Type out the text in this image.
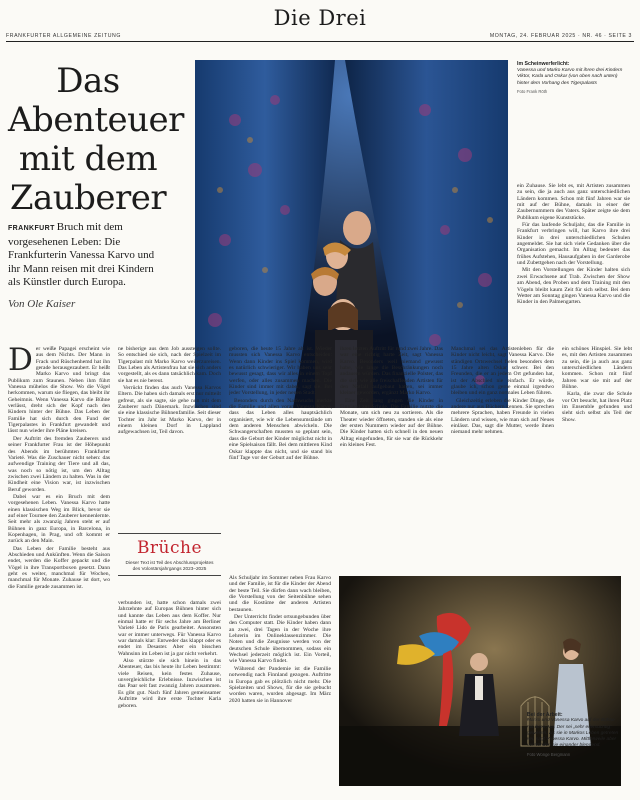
Die Drei
FRANKFURTER ALLGEMEINE ZEITUNG	MONTAG, 24. FEBRUAR 2025 · NR. 46 · SEITE 3
Das Abenteuer mit dem Zauberer
FRANKFURT Bruch mit dem vorgesehenen Leben: Die Frankfurterin Vanessa Karvo und ihr Mann reisen mit drei Kindern als Künstler durch Europa.
Von Ole Kaiser
Im Scheinwerferlicht:
Vanessa und Marko Karvo mit ihren drei Kindern Viktor, Karla und Oskar (von oben nach unten) hinter dem Vorhang des Tigerpalasts
Foto Frank Röth

ein Zuhause. Sie lebt es, mit Artisten zusammen zu sein, die ja auch aus ganz unterschiedlichen Ländern kommen. Schon mit fünf Jahren war sie mit auf der Bühne, damals in einer der Zaubernummern des Vaters. Später zeigte sie dem Publikum eigene Kunststücke.

Für das laufende Schuljahr, das die Familie in Frankfurt verbringen will, hat Karvo ihre drei Kinder in drei unterschiedlichen Schulen angemeldet. Sie hat sich viele Gedanken über die Organisation gemacht. Im Alltag bedeutet das frühes Aufstehen, Hausaufgaben in der Garderobe und Zubettgehen nach der Vorstellung.

Mit den Vorstellungen der Kinder halten sich zwei Erwachsene auf Trab. Zwischen der Show am Abend, den Proben und dem Training mit den Vögeln bleibt kaum Zeit für sich selbst. Bei dem Wetter am Sonntag gingen Vanessa Karvo und die Kinder in den Palmengarten.

D er weiße Papagei erscheint wie aus dem Nichts. Der Mann in Frack und Rüschenhemd hat ihn gerade herausgezaubert. Er heißt Marko Karvo und bringt das Publikum zum Staunen. Neben ihm führt Vanessa mühelos die Show. Wo die Vögel herkommen, warum sie fliegen, das bleibt ihr Geheimnis. Wenn Vanessa Karvo die Bühne verlässt, dreht sich der Kopf nach den Kindern hinter der Bühne. Das Leben der Familie hat sich durch den Fund der Tigerpalastes in Frankfurt gewandelt und lässt nun wieder ihre Pläne kreisen.

Der Auftritt des fremden Zauberers und seiner Frankfurter Frau ist der Höhepunkt des Abends im berühmten Frankfurter Varieté. Was die Zuschauer nicht sehen: das aufwendige Training der Tiere und all das, was noch so nötig ist, um den Alltag zwischen zwei Ländern zu halten. Was in der Kindheit eine Vision war, ist inzwischen Beruf geworden.

Dabei war es ein Bruch mit dem vorgesehenen Leben. Vanessa Karvo hatte einen klassischen Weg im Blick, bevor sie auf einer Tournee den Zauberer kennenlernte. Seit mehr als zwanzig Jahren steht er auf Bühnen in ganz Europa, in Barcelona, in Kopenhagen, in Prag, und oft kommt er zurück an den Main.

Das Leben der Familie besteht aus Abschieden und Ankünften. Wenn die Saison endet, werden die Koffer gepackt und die Vögel in ihre Transportboxen gesetzt. Dann geht es weiter, manchmal für Wochen, manchmal für Monate. Zuhause ist dort, wo die Familie gerade zusammen ist.

ne bisherige aus dem Job aussteigen sollte. So entschied sie sich, nach der Spielzeit im Tigerpalast mit Marko Karvo weiterzureisen. Das Leben als Artistenfrau hat sie sich anders vorgestellt, als es dann tatsächlich kam. Doch sie hat es nie bereut.

Verrückt finden das auch Vanessa Karvos Eltern. Die haben sich damals erst nur mitteilt gefreut, als sie sagte, sie gehe nun mit dem Zauberer nach Dänemark. Inzwischen sind sie eine klassische Bühnenfamilie. Seit dieser Tochter im Jahr ist Marko Karvo, der in einem kleinen Dorf in Lappland aufgewachsen ist, Teil davon.

Brüche
Dieser Text ist Teil des Abschlussprojektes des Volontärsjahrgangs 2023–2025

verbunden ist, hatte schon damals zwei Jahrzehnte auf Europas Bühnen hinter sich und kannte das Leben aus dem Koffer. Nur einmal hatte er für sechs Jahre am Berliner Varieté Lido de Paris gearbeitet. Ansonsten war er immer unterwegs. Für Vanessa Karvo war damals klar: Entweder das klappt oder es endet im Desaster. Aber ein bisschen Wahnsinn im Leben ist ja gar nicht verkehrt.

Also stürzte sie sich hinein in das Abenteuer, das bis heute ihr Leben bestimmt: viele Reisen, kein festes Zuhause, unvergleichliche Erlebnisse. Inzwischen ist das Paar seit fast zwanzig Jahren zusammen. Es gibt gut. Nach fünf Jahren gemeinsamer Auftritte wird ihre erste Tochter Karla geboren.

geboren, die heute 15 Jahre alt ist. Wieder mussten sich Vanessa Karvo entscheiden: Wenn dann Kinder ins Spiel kommen, wird es natürlich schwieriger. Wir haben uns sehr bewusst gesagt, dass wir alles in einem Topf werfen, oder alles zusammen machen. Die Kinder sind immer mit dabei, sagt sie. Bei jeder Vorstellung, in jeder neuen Stadt.

Besonders durch den Nachwuchs merkte die Familie und allen voran Vanessa Karvo, dass das Leben alles hauptsächlich organisiert, wie wir die Lebensumstände um dem anderen Menschen abwickeln. Die Schwangerschaften mussten so geplant sein, dass die Geburt der Kinder möglichst nicht in eine Spielsaison fällt. Bei dem mittleren Kind Oskar klappte das nicht, und sie stand bis fünf Tage vor der Geburt auf der Bühne.

ihren letzten Auftritt für rund zwei Jahre. Das war eine richtig harte Zeit, sagt Vanessa Karvo. Besonders weil niemand gewusst habe, wie lange die Beschränkungen noch andauern würden. Das finanzielle Polster, das die sich wie alle freischaffenden Artisten für den Notfall aufgebaut hatten, sei immer kleiner geworden, ergänzt Marko Karvo.

Eine Zeit lang gingen die Kinder in Finnland zur Schule. Die Familie nutzte die Monate, um sich neu zu sortieren. Als die Theater wieder öffneten, standen sie als eine der ersten Nummern wieder auf der Bühne. Die Kinder hatten sich schnell in den neuen Alltag eingefunden, für sie war die Rückkehr ein kleines Fest.

Manchmal sei das Artistenleben für die Kinder nicht leicht, sagt Vanessa Karvo. Die ständigen Ortswechsel fielen besonders dem 15 Jahre alten Oskar schwer. Bei den Freunden, die er an jedem Ort gefunden hat, ist der Abschied nie einfach. Er würde, glaube ich, schon gerne einmal irgendwo bleiben und ein ganz normales Leben führen.

Gleichzeitig erleben die Kinder Dinge, die andere nur aus Büchern kennen. Sie sprechen mehrere Sprachen, haben Freunde in vielen Ländern und wissen, wie man sich auf Neues einlässt. Das, sagt die Mutter, werde ihnen niemand mehr nehmen.

ein schönes Hinspiel. Sie lebt es, mit den Artisten zusammen zu sein, die ja auch aus ganz unterschiedlichen Ländern kommen. Schon mit fünf Jahren war sie mit auf der Bühne.

Karla, die zwar die Schule vor Ort besucht, hat ihren Platz im Ensemble gefunden und sieht sich selbst als Teil der Show.

Als Schuljahr im Sommer neben Frau Karvo und der Familie, ist für die Kinder der Abend der beste Teil. Sie dürfen dann wach bleiben, die Vorstellung von der Seitenbühne sehen und die Kostüme der anderen Artisten bestaunen.

Der Unterricht findet ortsungebunden über den Computer statt. Die Kinder haben dann an zwei, drei Tagen in der Woche ihre Lehrerin im Onlineklassenzimmer. Die Noten und die Zeugnisse werden von der deutschen Schule übernommen, sodass ein Wechsel jederzeit möglich ist. Ein Vorteil, wie Vanessa Karvo findet.

Während der Pandemie ist die Familie notwendig nach Finnland gezogen. Auftritte in Europa gab es plötzlich nicht mehr. Die Spielzeiten und Shows, für die sie gebucht worden waren, wurden abgesagt. Im März 2020 hatten sie in Hannover

Bei der Arbeit:
Marko und Vanessa Karvo auf der Bühne mit ihren Ara. Der sei „sehr eifersüchtig“ gewesen, als sie in Markos Leben getreten sei, sagt Vanessa Karvo. Mittlerweile aber verstünden sie einander blendend.
Foto Wonge Bergmann
